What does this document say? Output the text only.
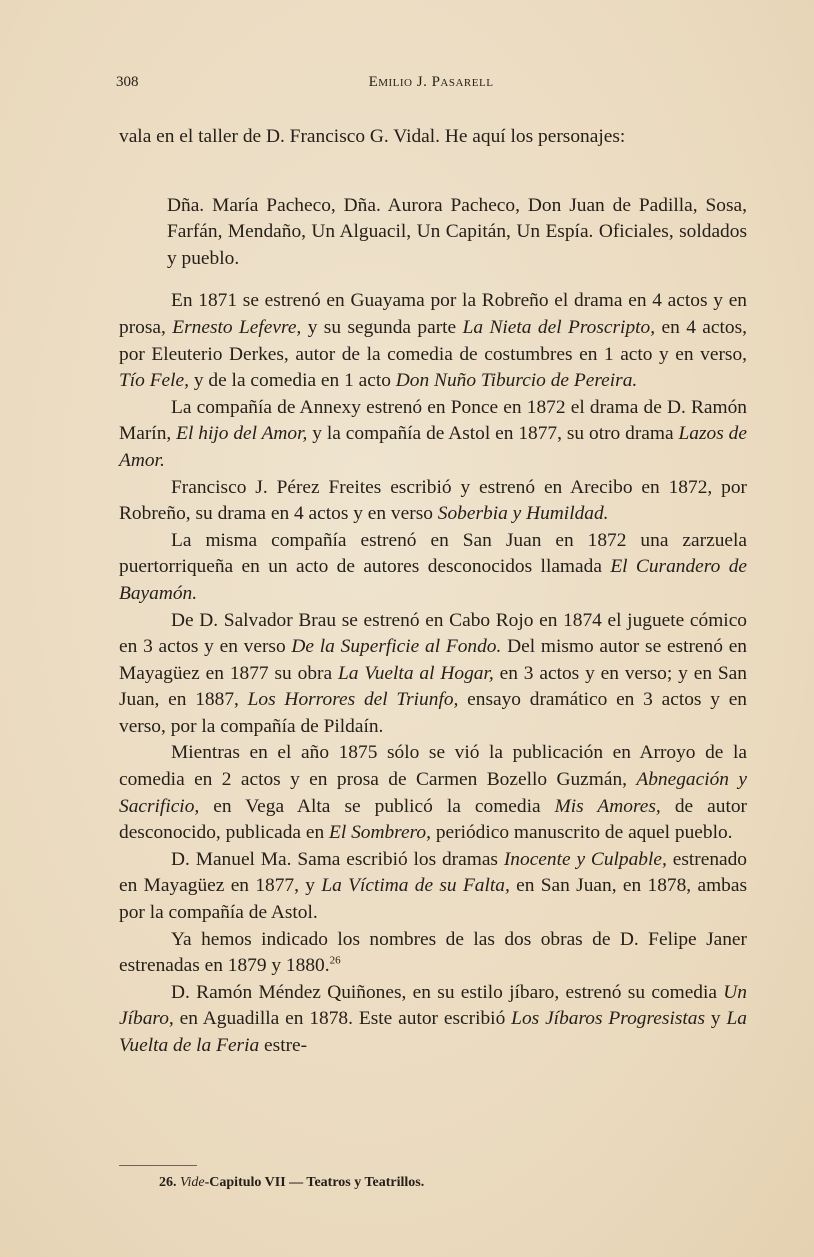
308	Emilio J. Pasarell

vala en el taller de D. Francisco G. Vidal. He aquí los personajes:

Dña. María Pacheco, Dña. Aurora Pacheco, Don Juan de Padilla, Sosa, Farfán, Mendaño, Un Alguacil, Un Capitán, Un Espía. Oficiales, soldados y pueblo.

En 1871 se estrenó en Guayama por la Robreño el drama en 4 actos y en prosa, Ernesto Lefevre, y su segunda parte La Nieta del Proscripto, en 4 actos, por Eleuterio Derkes, autor de la comedia de costumbres en 1 acto y en verso, Tío Fele, y de la comedia en 1 acto Don Nuño Tiburcio de Pereira.

La compañía de Annexy estrenó en Ponce en 1872 el drama de D. Ramón Marín, El hijo del Amor, y la compañía de Astol en 1877, su otro drama Lazos de Amor.

Francisco J. Pérez Freites escribió y estrenó en Arecibo en 1872, por Robreño, su drama en 4 actos y en verso Soberbia y Humildad.

La misma compañía estrenó en San Juan en 1872 una zarzuela puertorriqueña en un acto de autores desconocidos llamada El Curandero de Bayamón.

De D. Salvador Brau se estrenó en Cabo Rojo en 1874 el juguete cómico en 3 actos y en verso De la Superficie al Fondo. Del mismo autor se estrenó en Mayagüez en 1877 su obra La Vuelta al Hogar, en 3 actos y en verso; y en San Juan, en 1887, Los Horrores del Triunfo, ensayo dramático en 3 actos y en verso, por la compañía de Pildaín.

Mientras en el año 1875 sólo se vió la publicación en Arroyo de la comedia en 2 actos y en prosa de Carmen Bozello Guzmán, Abnegación y Sacrificio, en Vega Alta se publicó la comedia Mis Amores, de autor desconocido, publicada en El Sombrero, periódico manuscrito de aquel pueblo.

D. Manuel Ma. Sama escribió los dramas Inocente y Culpable, estrenado en Mayagüez en 1877, y La Víctima de su Falta, en San Juan, en 1878, ambas por la compañía de Astol.

Ya hemos indicado los nombres de las dos obras de D. Felipe Janer estrenadas en 1879 y 1880.26

D. Ramón Méndez Quiñones, en su estilo jíbaro, estrenó su comedia Un Jíbaro, en Aguadilla en 1878. Este autor escribió Los Jíbaros Progresistas y La Vuelta de la Feria estre-

26. Vide-Capitulo VII — Teatros y Teatrillos.
